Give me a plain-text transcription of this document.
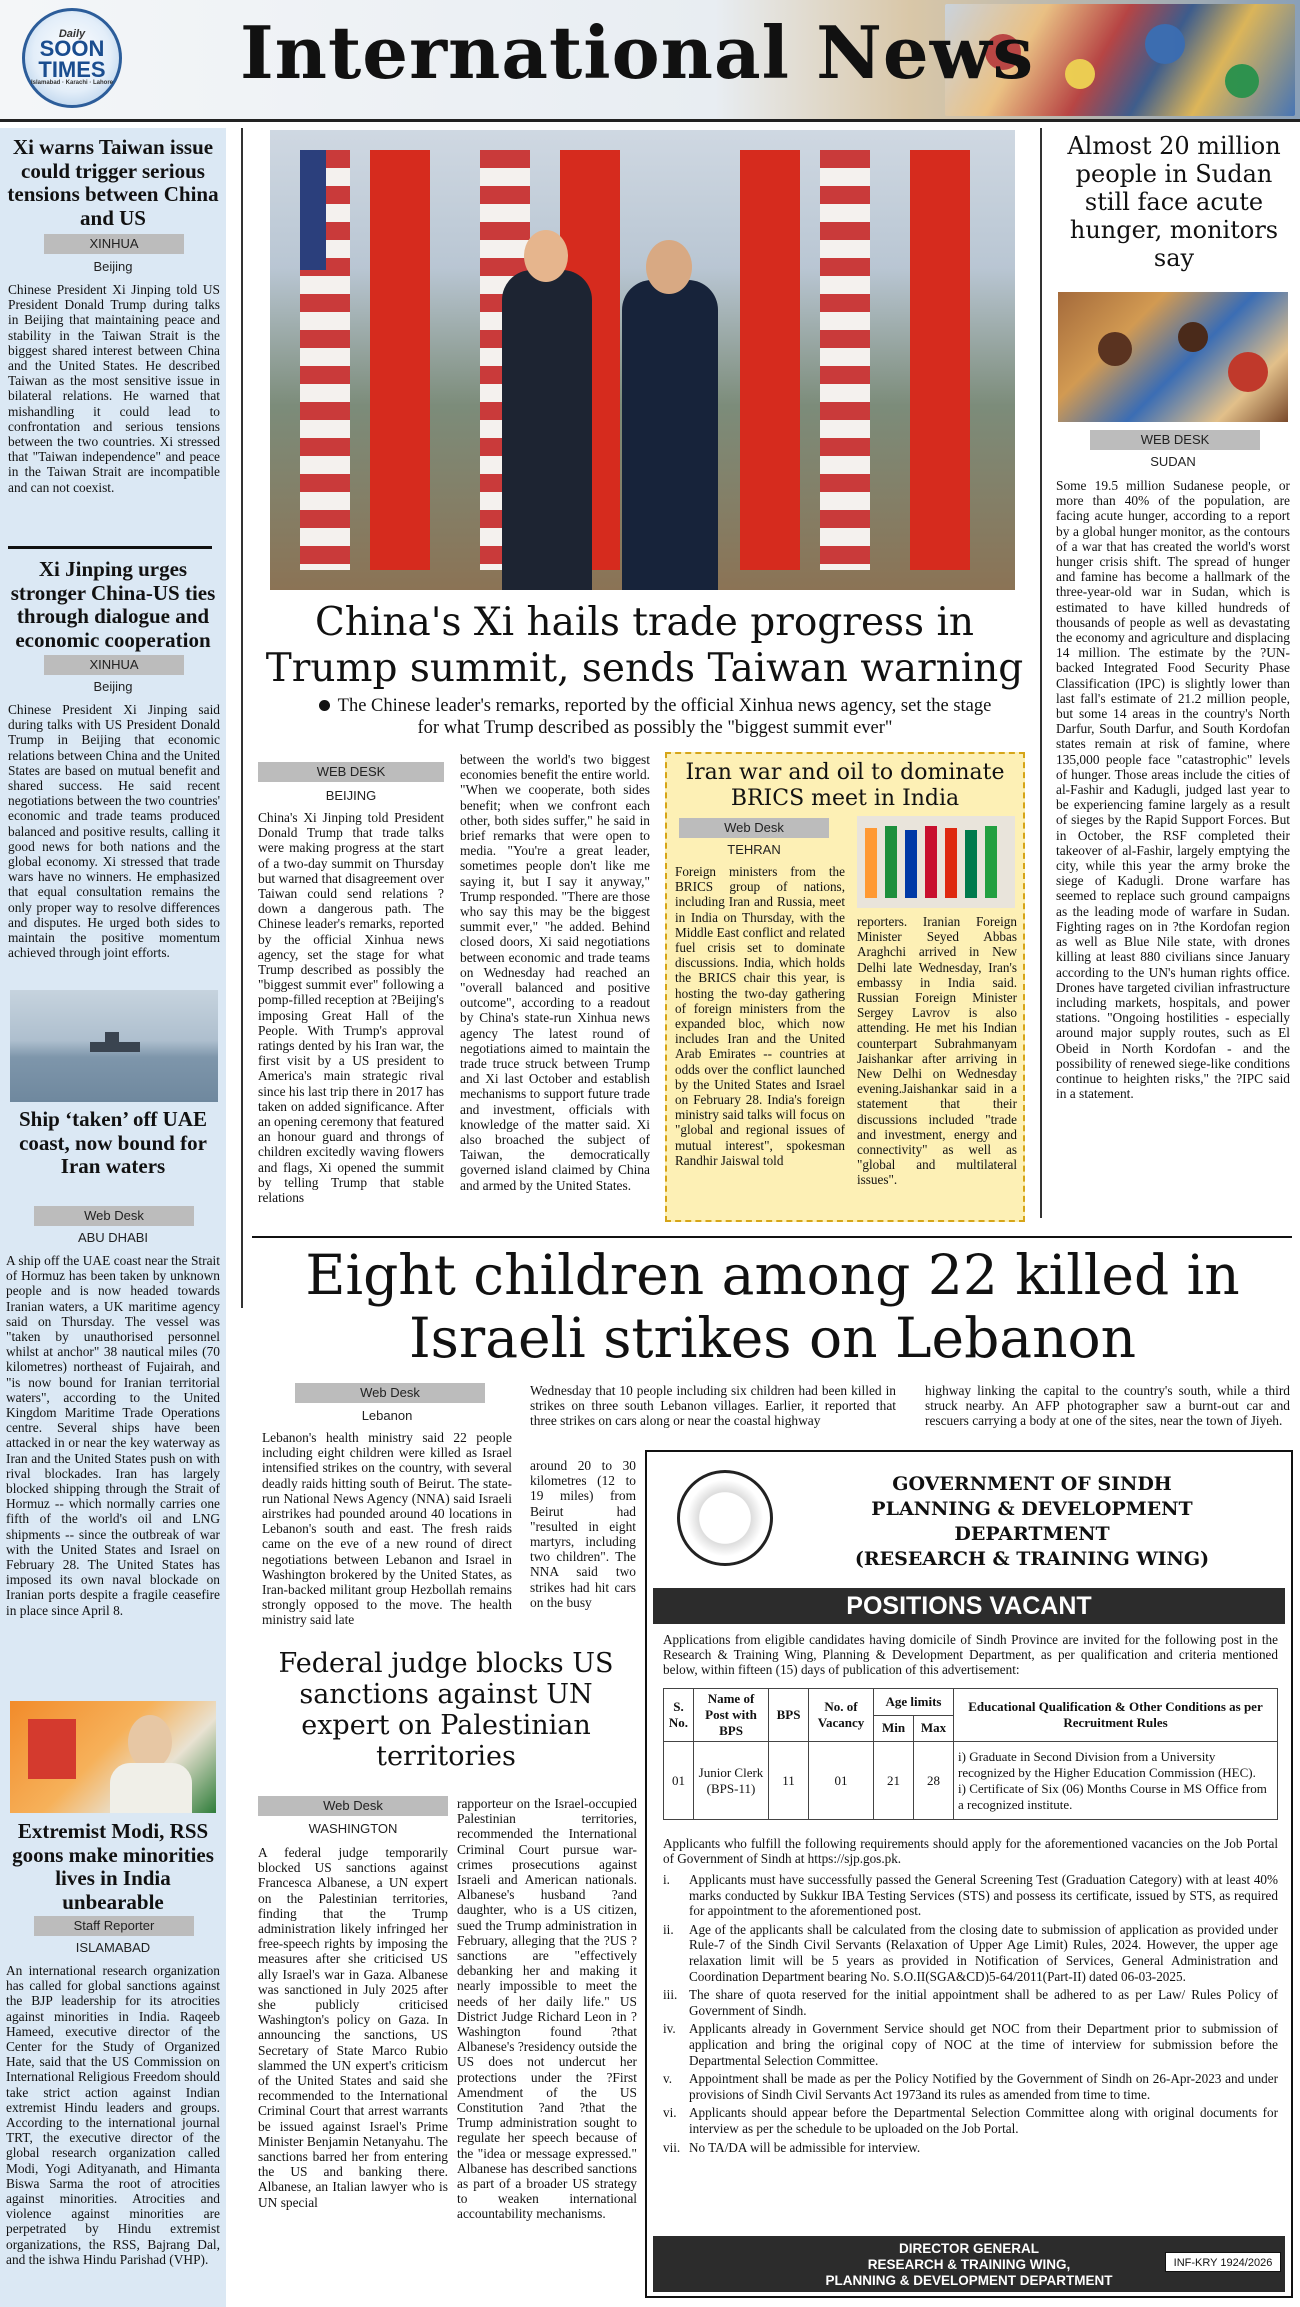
Daily
SOON
TIMES
Islamabad · Karachi · Lahore International News
Xi warns Taiwan issue could trigger serious tensions between China and US
XINHUA
Beijing
Chinese President Xi Jinping told US President Donald Trump during talks in Beijing that maintaining peace and stability in the Taiwan Strait is the biggest shared interest between China and the United States. He described Taiwan as the most sensitive issue in bilateral relations. He warned that mishandling it could lead to confrontation and serious tensions between the two countries. Xi stressed that "Taiwan independence" and peace in the Taiwan Strait are incompatible and can not coexist.
Xi Jinping urges stronger China-US ties through dialogue and economic cooperation
XINHUA
Beijing
Chinese President Xi Jinping said during talks with US President Donald Trump in Beijing that economic relations between China and the United States are based on mutual benefit and shared success. He said recent negotiations between the two countries' economic and trade teams produced balanced and positive results, calling it good news for both nations and the global economy. Xi stressed that trade wars have no winners. He emphasized that equal consultation remains the only proper way to resolve differences and disputes. He urged both sides to maintain the positive momentum achieved through joint efforts.
Ship ‘taken’ off UAE coast, now bound for Iran waters
Web Desk
ABU DHABI
A ship off the UAE coast near the Strait of Hormuz has been taken by unknown people and is now headed towards Iranian waters, a UK maritime agency said on Thursday. The vessel was "taken by unauthorised personnel whilst at anchor" 38 nautical miles (70 kilometres) northeast of Fujairah, and "is now bound for Iranian territorial waters", according to the United Kingdom Maritime Trade Operations centre. Several ships have been attacked in or near the key waterway as Iran and the United States push on with rival blockades. Iran has largely blocked shipping through the Strait of Hormuz -- which normally carries one fifth of the world's oil and LNG shipments -- since the outbreak of war with the United States and Israel on February 28. The United States has imposed its own naval blockade on Iranian ports despite a fragile ceasefire in place since April 8.
Extremist Modi, RSS goons make minorities lives in India unbearable
Staff Reporter
ISLAMABAD
An international research organization has called for global sanctions against the BJP leadership for its atrocities against minorities in India. Raqeeb Hameed, executive director of the Center for the Study of Organized Hate, said that the US Commission on International Religious Freedom should take strict action against Indian extremist Hindu leaders and groups. According to the international journal TRT, the executive director of the global research organization called Modi, Yogi Adityanath, and Himanta Biswa Sarma the root of atrocities against minorities. Atrocities and violence against minorities are perpetrated by Hindu extremist organizations, the RSS, Bajrang Dal, and the ishwa Hindu Parishad (VHP).
China's Xi hails trade progress in Trump summit, sends Taiwan warning
The Chinese leader's remarks, reported by the official Xinhua news agency, set the stage for what Trump described as possibly the "biggest summit ever"
WEB DESK
BEIJING
China's Xi Jinping told President Donald Trump that trade talks were making progress at the start of a two-day summit on Thursday but warned that disagreement over Taiwan could send relations ?down a dangerous path. The Chinese leader's remarks, reported by the official Xinhua news agency, set the stage for what Trump described as possibly the "biggest summit ever" following a pomp-filled reception at ?Beijing's imposing Great Hall of the People. With Trump's approval ratings dented by his Iran war, the first visit by a US president to America's main strategic rival since his last trip there in 2017 has taken on added significance. After an opening ceremony that featured an honour guard and throngs of children excitedly waving flowers and flags, Xi opened the summit by telling Trump that stable relations
between the world's two biggest economies benefit the entire world. "When we cooperate, both sides benefit; when we confront each other, both sides suffer," he said in brief remarks that were open to media. "You're a great leader, sometimes people don't like me saying it, but I say it anyway," Trump responded. "There are those who say this may be the biggest summit ever," "he added. Behind closed doors, Xi said negotiations between economic and trade teams on Wednesday had reached an "overall balanced and positive outcome", according to a readout by China's state-run Xinhua news agency The latest round of negotiations aimed to maintain the trade truce struck between Trump and Xi last October and establish mechanisms to support future trade and investment, officials with knowledge of the matter said. Xi also broached the subject of Taiwan, the democratically governed island claimed by China and armed by the United States.
Iran war and oil to dominate BRICS meet in India
Web Desk
TEHRAN
Foreign ministers from the BRICS group of nations, including Iran and Russia, meet in India on Thursday, with the Middle East conflict and related fuel crisis set to dominate discussions. India, which holds the BRICS chair this year, is hosting the two-day gathering of foreign ministers from the expanded bloc, which now includes Iran and the United Arab Emirates -- countries at odds over the conflict launched by the United States and Israel on February 28. India's foreign ministry said talks will focus on "global and regional issues of mutual interest", spokesman Randhir Jaiswal told
reporters. Iranian Foreign Minister Seyed Abbas Araghchi arrived in New Delhi late Wednesday, Iran's embassy in India said. Russian Foreign Minister Sergey Lavrov is also attending. He met his Indian counterpart Subrahmanyam Jaishankar after arriving in New Delhi on Wednesday evening.Jaishankar said in a statement that their discussions included "trade and investment, energy and connectivity" as well as "global and multilateral issues".
Almost 20 million people in Sudan still face acute hunger, monitors say
WEB DESK
SUDAN
Some 19.5 million Sudanese people, or more than 40% of the population, are facing acute hunger, according to a report by a global hunger monitor, as the contours of a war that has created the world's worst hunger crisis shift. The spread of hunger and famine has become a hallmark of the three-year-old war in Sudan, which is estimated to have killed hundreds of thousands of people as well as devastating the economy and agriculture and displacing 14 million. The estimate by the ?UN-backed Integrated Food Security Phase Classification (IPC) is slightly lower than last fall's estimate of 21.2 million people, but some 14 areas in the country's North Darfur, South Darfur, and South Kordofan states remain at risk of famine, where 135,000 people face "catastrophic" levels of hunger. Those areas include the cities of al-Fashir and Kadugli, judged last year to be experiencing famine largely as a result of sieges by the Rapid Support Forces. But in October, the RSF completed their takeover of al-Fashir, largely emptying the city, while this year the army broke the siege of Kadugli. Drone warfare has seemed to replace such ground campaigns as the leading mode of warfare in Sudan. Fighting rages on in ?the Kordofan region as well as Blue Nile state, with drones killing at least 880 civilians since January according to the UN's human rights office. Drones have targeted civilian infrastructure including markets, hospitals, and power stations. "Ongoing hostilities - especially around major supply routes, such as El Obeid in North Kordofan - and the possibility of renewed siege-like conditions continue to heighten risks," the ?IPC said in a statement.
Eight children among 22 killed in Israeli strikes on Lebanon
Web Desk
Lebanon
Lebanon's health ministry said 22 people including eight children were killed as Israel intensified strikes on the country, with several deadly raids hitting south of Beirut. The state-run National News Agency (NNA) said Israeli airstrikes had pounded around 40 locations in Lebanon's south and east. The fresh raids came on the eve of a new round of direct negotiations between Lebanon and Israel in Washington brokered by the United States, as Iran-backed militant group Hezbollah remains strongly opposed to the move. The health ministry said late
Wednesday that 10 people including six children had been killed in strikes on three south Lebanon villages. Earlier, it reported that three strikes on cars along or near the coastal highway
around 20 to 30 kilometres (12 to 19 miles) from Beirut had "resulted in eight martyrs, including two children". The NNA said two strikes had hit cars on the busy
highway linking the capital to the country's south, while a third struck nearby. An AFP photographer saw a burnt-out car and rescuers carrying a body at one of the sites, near the town of Jiyeh.
Federal judge blocks US sanctions against UN expert on Palestinian territories
Web Desk
WASHINGTON
A federal judge temporarily blocked US sanctions against Francesca Albanese, a UN expert on the Palestinian territories, finding that the Trump administration likely infringed her free-speech rights by imposing the measures after she criticised US ally Israel's war in Gaza. Albanese was sanctioned in July 2025 after she publicly criticised Washington's policy on Gaza. In announcing the sanctions, US Secretary of State Marco Rubio slammed the UN expert's criticism of the United States and said she recommended to the International Criminal Court that arrest warrants be issued against Israel's Prime Minister Benjamin Netanyahu. The sanctions barred her from entering the US and banking there. Albanese, an Italian lawyer who is UN special
rapporteur on the Israel-occupied Palestinian territories, recommended the International Criminal Court pursue war-crimes prosecutions against Israeli and American nationals. Albanese's husband ?and daughter, who is a US citizen, sued the Trump administration in February, alleging that the ?US ?sanctions are "effectively debanking her and making it nearly impossible to meet the needs of her daily life." US District Judge Richard Leon in ?Washington found ?that Albanese's ?residency outside the US does not undercut her protections under the ?First Amendment of the US Constitution ?and ?that the Trump administration sought to regulate her speech because of the "idea or message expressed." Albanese has described sanctions as part of a broader US strategy to weaken international accountability mechanisms.
GOVERNMENT OF SINDH
PLANNING & DEVELOPMENT DEPARTMENT
(RESEARCH & TRAINING WING)
POSITIONS VACANT
Applications from eligible candidates having domicile of Sindh Province are invited for the following post in the Research & Training Wing, Planning & Development Department, as per qualification and criteria mentioned below, within fifteen (15) days of publication of this advertisement:
S. No.	Name of Post with BPS	BPS	No. of Vacancy	Age limits		Educational Qualification & Other Conditions as per Recruitment Rules
				Min	Max	
01	Junior Clerk (BPS-11)	11	01	21	28	i) Graduate in Second Division from a University recognized by the Higher Education Commission (HEC).
i) Certificate of Six (06) Months Course in MS Office from a recognized institute.
Applicants who fulfill the following requirements should apply for the aforementioned vacancies on the Job Portal of Government of Sindh at https://sjp.gos.pk.
i.	Applicants must have successfully passed the General Screening Test (Graduation Category) with at least 40% marks conducted by Sukkur IBA Testing Services (STS) and possess its certificate, issued by STS, as required for appointment to the aforementioned post.
ii.	Age of the applicants shall be calculated from the closing date to submission of application as provided under Rule-7 of the Sindh Civil Servants (Relaxation of Upper Age Limit) Rules, 2024. However, the upper age relaxation limit will be 5 years as provided in Notification of Services, General Administration and Coordination Department bearing No. S.O.II(SGA&CD)5-64/2011(Part-II) dated 06-03-2025.
iii. The share of quota reserved for the initial appointment shall be adhered to as per Law/ Rules Policy of Government of Sindh.
iv.	Applicants already in Government Service should get NOC from their Department prior to submission of application and bring the original copy of NOC at the time of interview for submission before the Departmental Selection Committee.
v.	Appointment shall be made as per the Policy Notified by the Government of Sindh on 26-Apr-2023 and under provisions of Sindh Civil Servants Act 1973and its rules as amended from time to time.
vi. Applicants should appear before the Departmental Selection Committee along with original documents for interview as per the schedule to be uploaded on the Job Portal.
vii. No TA/DA will be admissible for interview.
DIRECTOR GENERAL
RESEARCH & TRAINING WING,
PLANNING & DEVELOPMENT DEPARTMENT
INF-KRY 1924/2026
